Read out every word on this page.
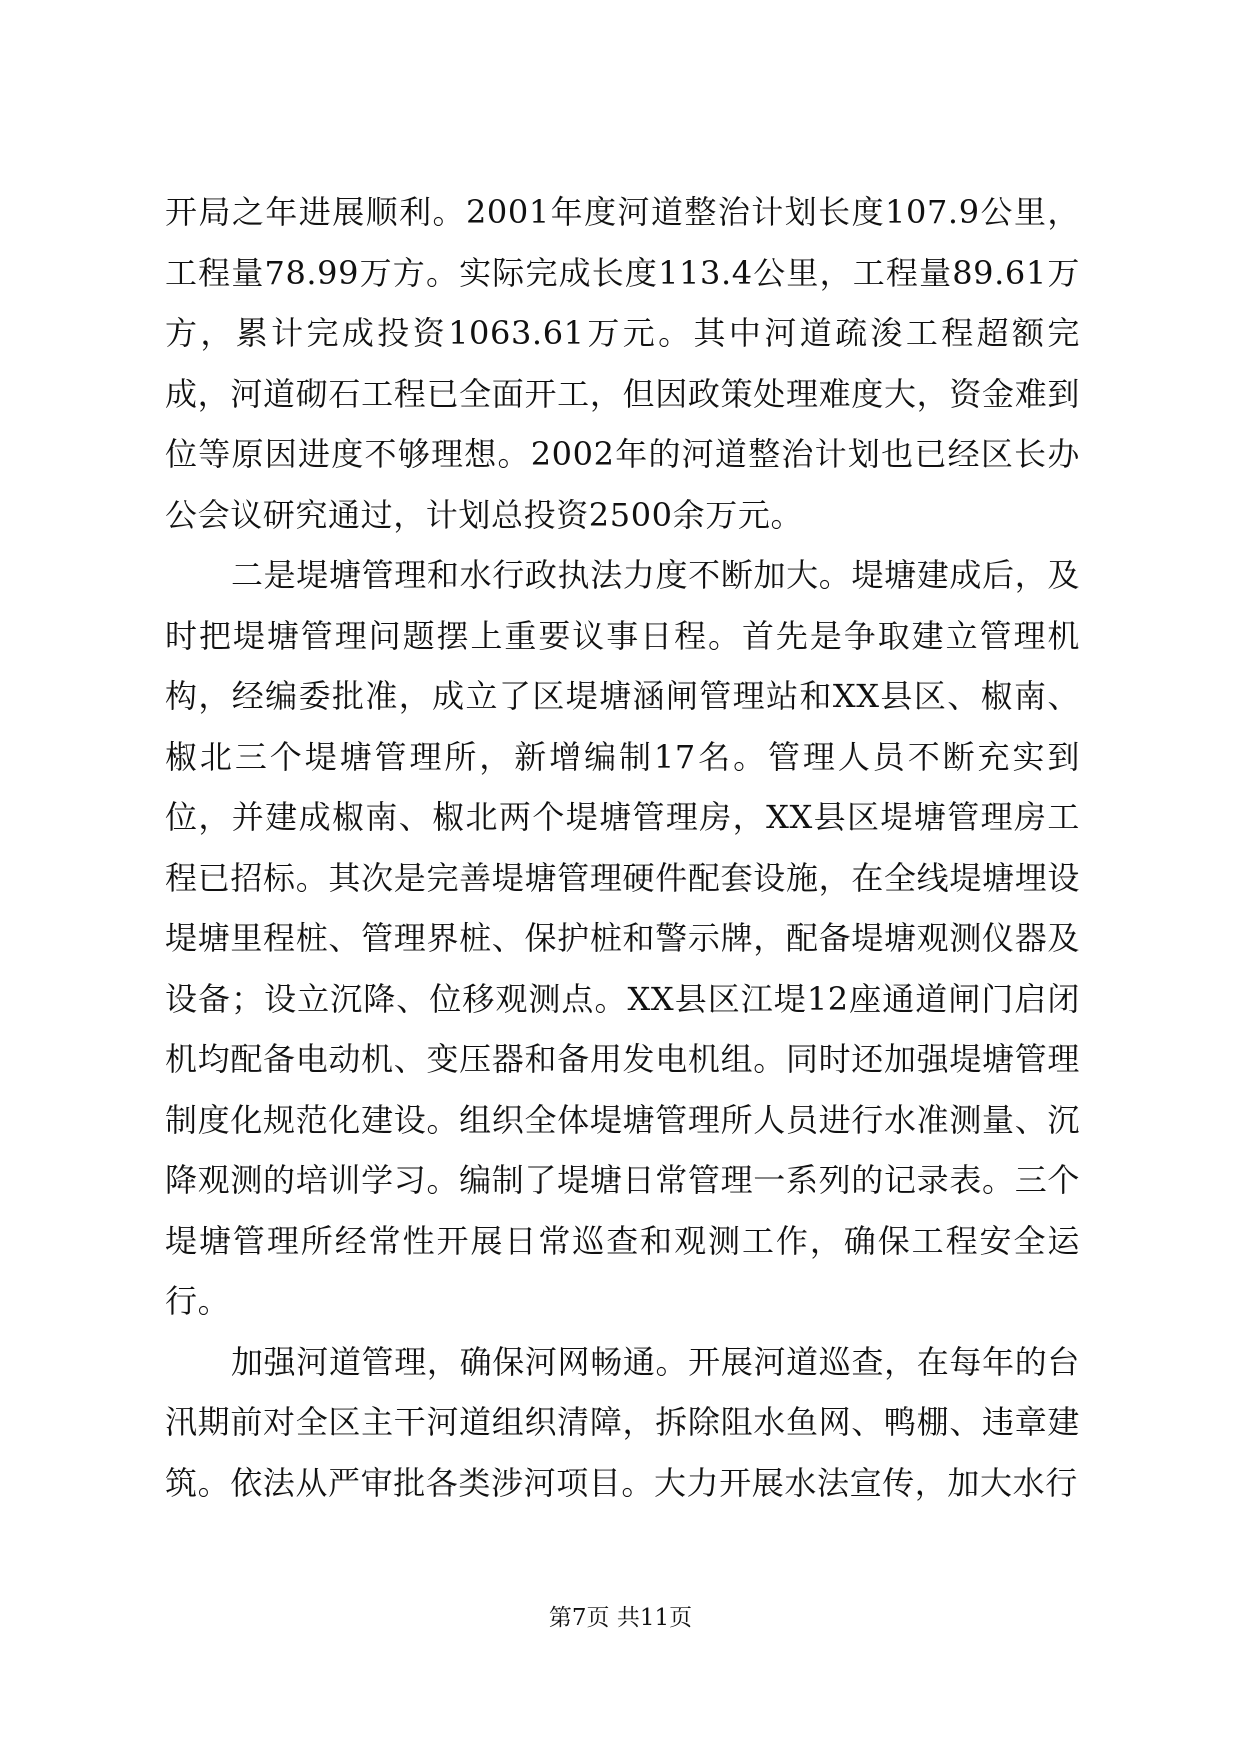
开局之年进展顺利。2001年度河道整治计划长度107.9公里，工程量78.99万方。实际完成长度113.4公里，工程量89.61万方，累计完成投资1063.61万元。其中河道疏浚工程超额完成，河道砌石工程已全面开工，但因政策处理难度大，资金难到位等原因进度不够理想。2002年的河道整治计划也已经区长办公会议研究通过，计划总投资2500余万元。

二是堤塘管理和水行政执法力度不断加大。堤塘建成后，及时把堤塘管理问题摆上重要议事日程。首先是争取建立管理机构，经编委批准，成立了区堤塘涵闸管理站和XX县区、椒南、椒北三个堤塘管理所，新增编制17名。管理人员不断充实到位，并建成椒南、椒北两个堤塘管理房，XX县区堤塘管理房工程已招标。其次是完善堤塘管理硬件配套设施，在全线堤塘埋设堤塘里程桩、管理界桩、保护桩和警示牌，配备堤塘观测仪器及设备；设立沉降、位移观测点。XX县区江堤12座通道闸门启闭机均配备电动机、变压器和备用发电机组。同时还加强堤塘管理制度化规范化建设。组织全体堤塘管理所人员进行水准测量、沉降观测的培训学习。编制了堤塘日常管理一系列的记录表。三个堤塘管理所经常性开展日常巡查和观测工作，确保工程安全运行。

加强河道管理，确保河网畅通。开展河道巡查，在每年的台汛期前对全区主干河道组织清障，拆除阻水鱼网、鸭棚、违章建筑。依法从严审批各类涉河项目。大力开展水法宣传，加大水行

第7页 共11页
